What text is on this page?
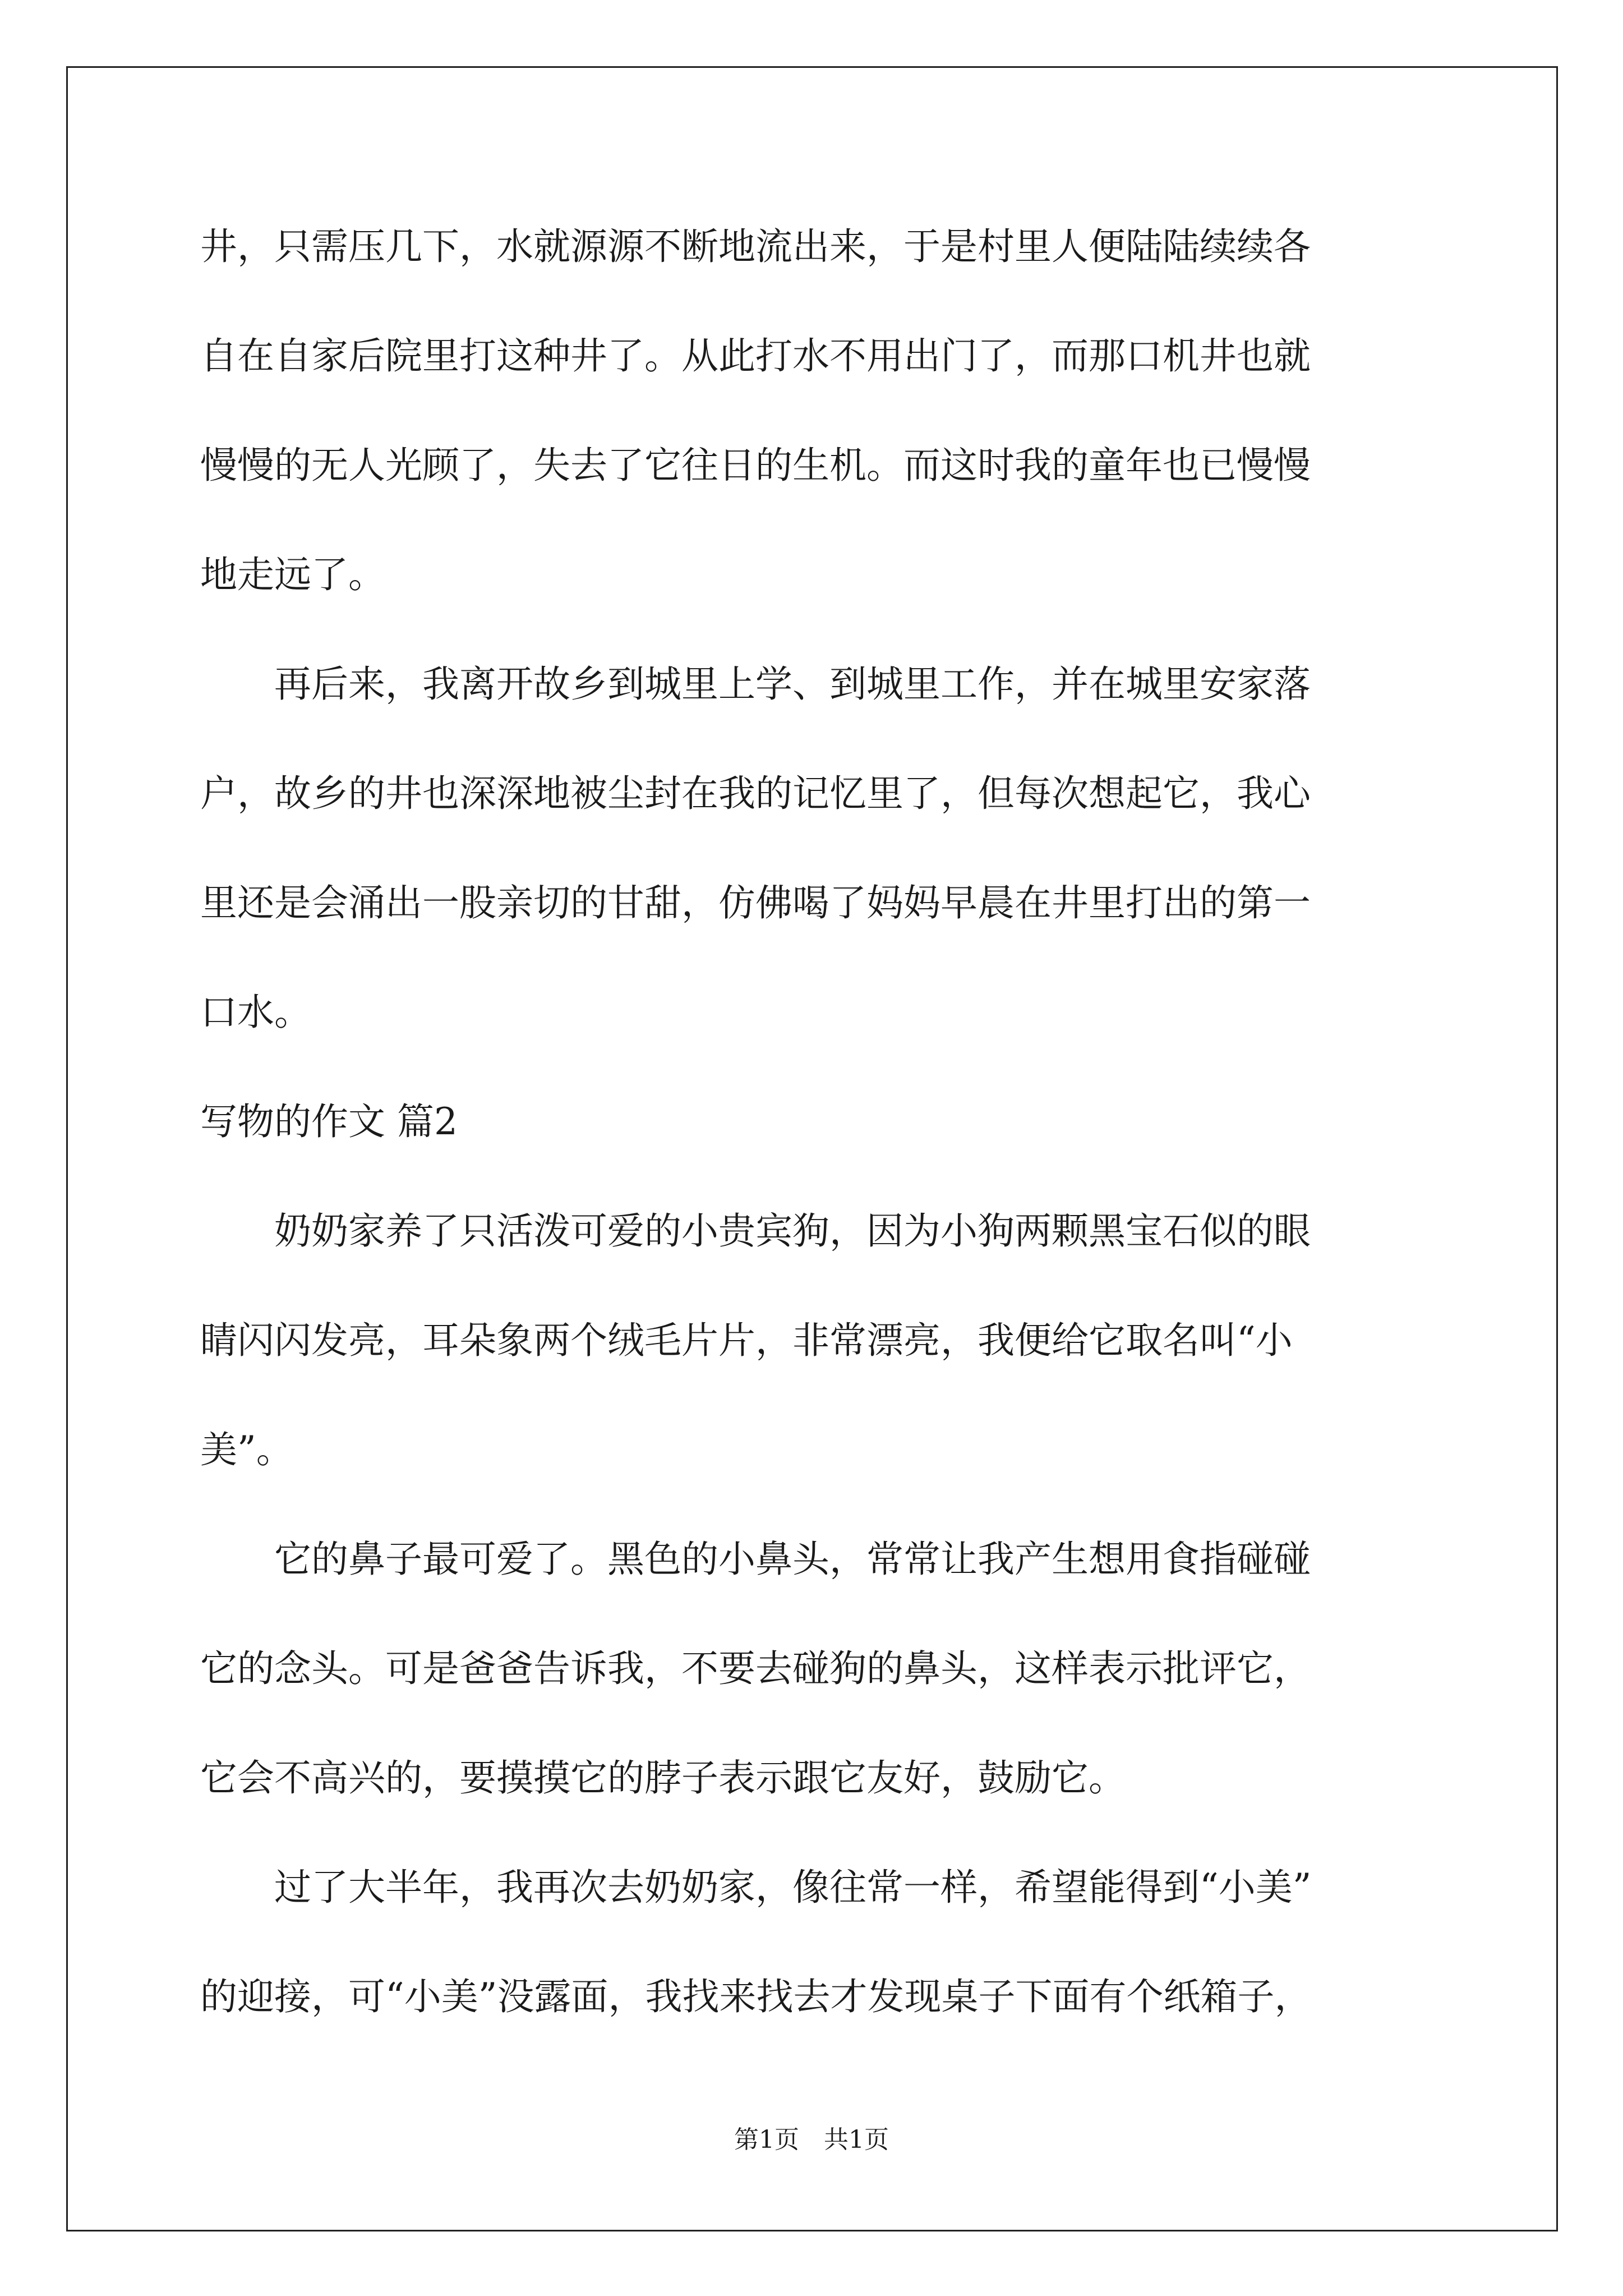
井，只需压几下，水就源源不断地流出来，于是村里人便陆陆续续各
自在自家后院里打这种井了。从此打水不用出门了，而那口机井也就
慢慢的无人光顾了，失去了它往日的生机。而这时我的童年也已慢慢
地走远了。
　　再后来，我离开故乡到城里上学、到城里工作，并在城里安家落
户，故乡的井也深深地被尘封在我的记忆里了，但每次想起它，我心
里还是会涌出一股亲切的甘甜，仿佛喝了妈妈早晨在井里打出的第一
口水。
写物的作文 篇2
　　奶奶家养了只活泼可爱的小贵宾狗，因为小狗两颗黑宝石似的眼
睛闪闪发亮，耳朵象两个绒毛片片，非常漂亮，我便给它取名叫“小
美”。
　　它的鼻子最可爱了。黑色的小鼻头，常常让我产生想用食指碰碰
它的念头。可是爸爸告诉我，不要去碰狗的鼻头，这样表示批评它，
它会不高兴的，要摸摸它的脖子表示跟它友好，鼓励它。
　　过了大半年，我再次去奶奶家，像往常一样，希望能得到“小美”
的迎接，可“小美”没露面，我找来找去才发现桌子下面有个纸箱子，
第1页　共1页
